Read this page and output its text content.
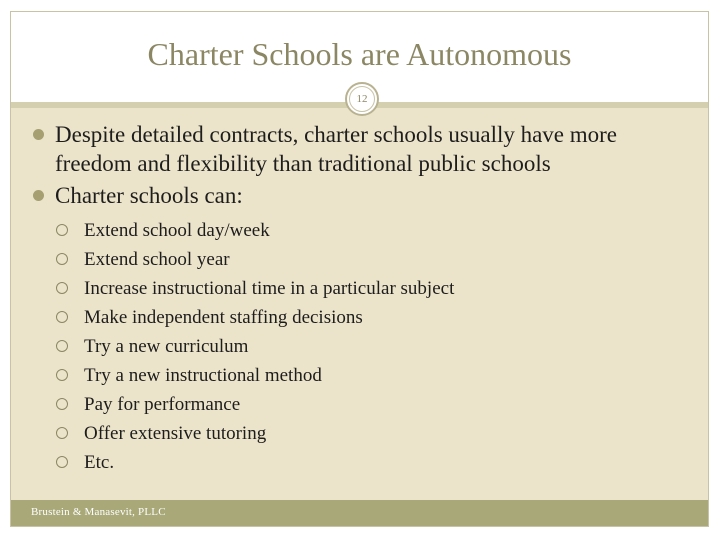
Charter Schools are Autonomous
12
Despite detailed contracts, charter schools usually have more freedom and flexibility than traditional public schools
Charter schools can:
Extend school day/week
Extend school year
Increase instructional time in a particular subject
Make independent staffing decisions
Try a new curriculum
Try a new instructional method
Pay for performance
Offer extensive tutoring
Etc.
Brustein & Manasevit, PLLC
